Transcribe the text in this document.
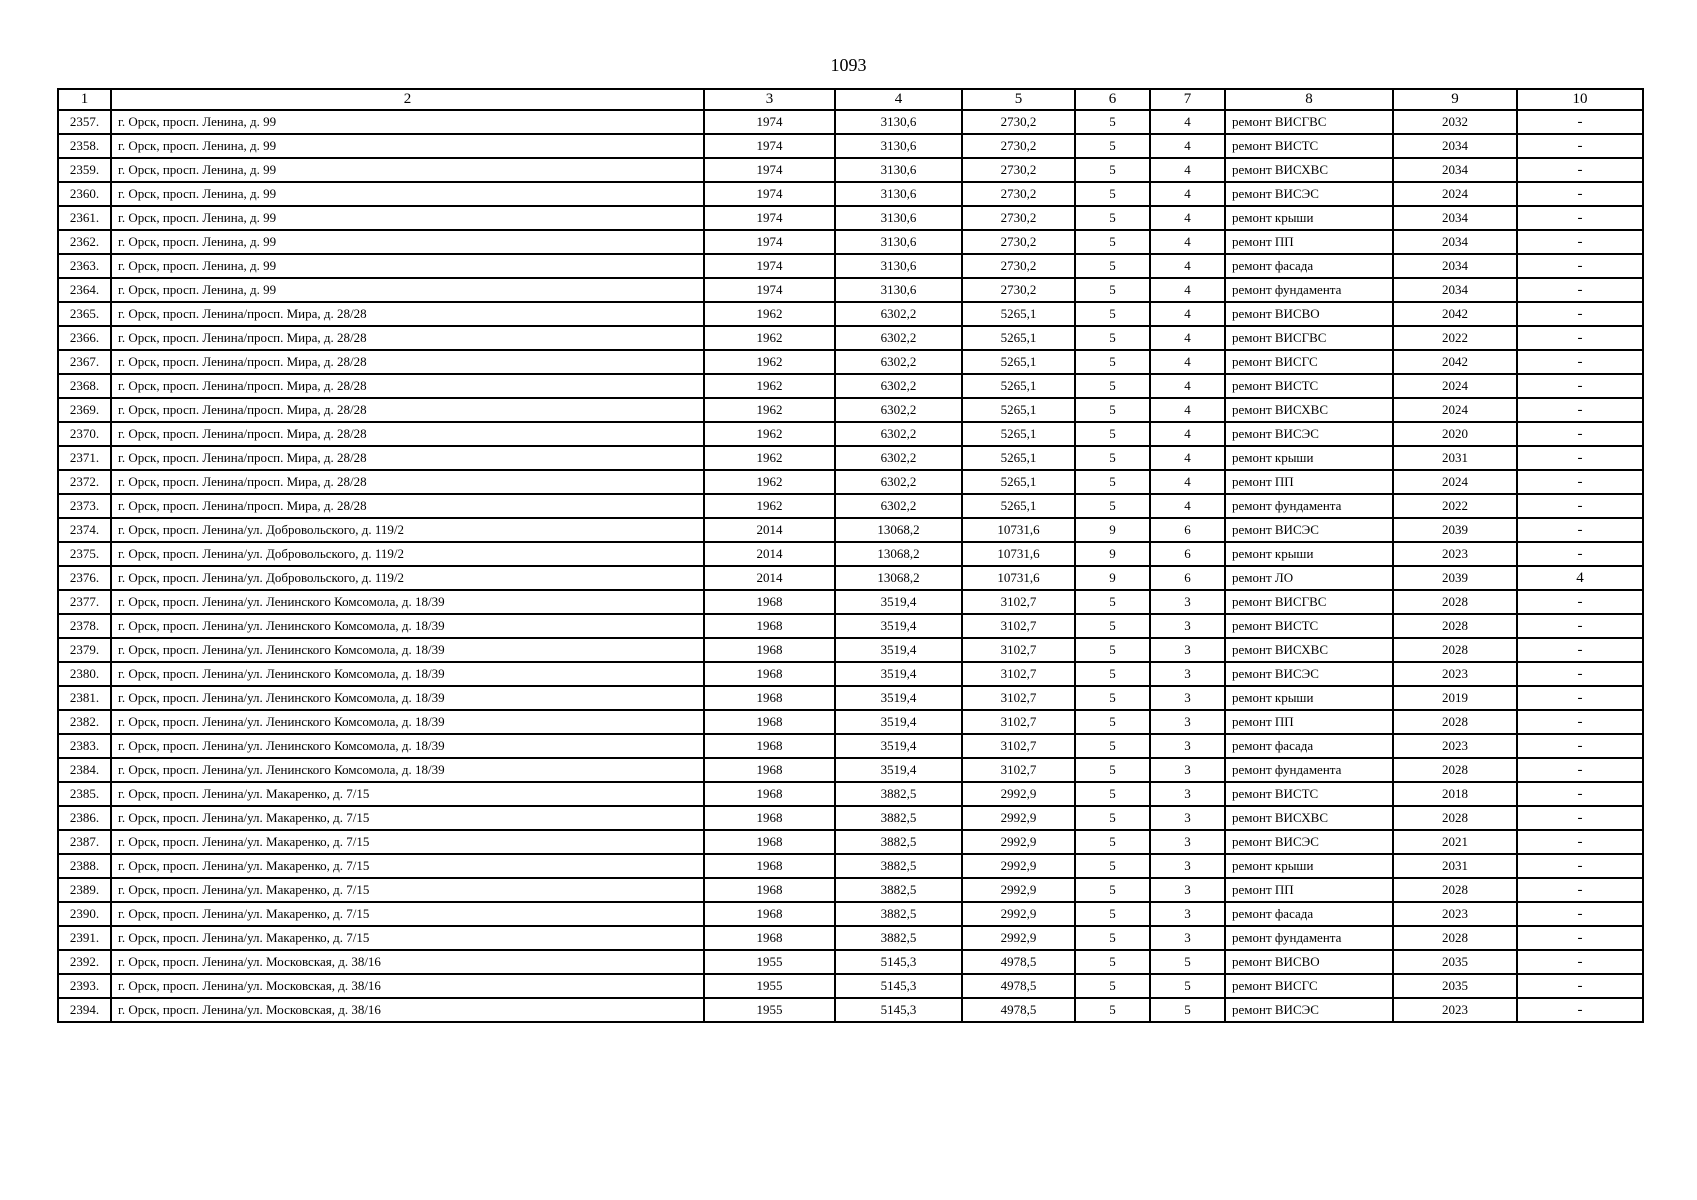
1093
1	2	3	4	5	6	7	8	9	10
2357.	г. Орск, просп. Ленина, д. 99	1974	3130,6	2730,2	5	4	ремонт ВИСГВС	2032	-
2358.	г. Орск, просп. Ленина, д. 99	1974	3130,6	2730,2	5	4	ремонт ВИСТС	2034	-
2359.	г. Орск, просп. Ленина, д. 99	1974	3130,6	2730,2	5	4	ремонт ВИСХВС	2034	-
2360.	г. Орск, просп. Ленина, д. 99	1974	3130,6	2730,2	5	4	ремонт ВИСЭС	2024	-
2361.	г. Орск, просп. Ленина, д. 99	1974	3130,6	2730,2	5	4	ремонт крыши	2034	-
2362.	г. Орск, просп. Ленина, д. 99	1974	3130,6	2730,2	5	4	ремонт ПП	2034	-
2363.	г. Орск, просп. Ленина, д. 99	1974	3130,6	2730,2	5	4	ремонт фасада	2034	-
2364.	г. Орск, просп. Ленина, д. 99	1974	3130,6	2730,2	5	4	ремонт фундамента	2034	-
2365.	г. Орск, просп. Ленина/просп. Мира, д. 28/28	1962	6302,2	5265,1	5	4	ремонт ВИСВО	2042	-
2366.	г. Орск, просп. Ленина/просп. Мира, д. 28/28	1962	6302,2	5265,1	5	4	ремонт ВИСГВС	2022	-
2367.	г. Орск, просп. Ленина/просп. Мира, д. 28/28	1962	6302,2	5265,1	5	4	ремонт ВИСГС	2042	-
2368.	г. Орск, просп. Ленина/просп. Мира, д. 28/28	1962	6302,2	5265,1	5	4	ремонт ВИСТС	2024	-
2369.	г. Орск, просп. Ленина/просп. Мира, д. 28/28	1962	6302,2	5265,1	5	4	ремонт ВИСХВС	2024	-
2370.	г. Орск, просп. Ленина/просп. Мира, д. 28/28	1962	6302,2	5265,1	5	4	ремонт ВИСЭС	2020	-
2371.	г. Орск, просп. Ленина/просп. Мира, д. 28/28	1962	6302,2	5265,1	5	4	ремонт крыши	2031	-
2372.	г. Орск, просп. Ленина/просп. Мира, д. 28/28	1962	6302,2	5265,1	5	4	ремонт ПП	2024	-
2373.	г. Орск, просп. Ленина/просп. Мира, д. 28/28	1962	6302,2	5265,1	5	4	ремонт фундамента	2022	-
2374.	г. Орск, просп. Ленина/ул. Добровольского, д. 119/2	2014	13068,2	10731,6	9	6	ремонт ВИСЭС	2039	-
2375.	г. Орск, просп. Ленина/ул. Добровольского, д. 119/2	2014	13068,2	10731,6	9	6	ремонт крыши	2023	-
2376.	г. Орск, просп. Ленина/ул. Добровольского, д. 119/2	2014	13068,2	10731,6	9	6	ремонт ЛО	2039	4
2377.	г. Орск, просп. Ленина/ул. Ленинского Комсомола, д. 18/39	1968	3519,4	3102,7	5	3	ремонт ВИСГВС	2028	-
2378.	г. Орск, просп. Ленина/ул. Ленинского Комсомола, д. 18/39	1968	3519,4	3102,7	5	3	ремонт ВИСТС	2028	-
2379.	г. Орск, просп. Ленина/ул. Ленинского Комсомола, д. 18/39	1968	3519,4	3102,7	5	3	ремонт ВИСХВС	2028	-
2380.	г. Орск, просп. Ленина/ул. Ленинского Комсомола, д. 18/39	1968	3519,4	3102,7	5	3	ремонт ВИСЭС	2023	-
2381.	г. Орск, просп. Ленина/ул. Ленинского Комсомола, д. 18/39	1968	3519,4	3102,7	5	3	ремонт крыши	2019	-
2382.	г. Орск, просп. Ленина/ул. Ленинского Комсомола, д. 18/39	1968	3519,4	3102,7	5	3	ремонт ПП	2028	-
2383.	г. Орск, просп. Ленина/ул. Ленинского Комсомола, д. 18/39	1968	3519,4	3102,7	5	3	ремонт фасада	2023	-
2384.	г. Орск, просп. Ленина/ул. Ленинского Комсомола, д. 18/39	1968	3519,4	3102,7	5	3	ремонт фундамента	2028	-
2385.	г. Орск, просп. Ленина/ул. Макаренко, д. 7/15	1968	3882,5	2992,9	5	3	ремонт ВИСТС	2018	-
2386.	г. Орск, просп. Ленина/ул. Макаренко, д. 7/15	1968	3882,5	2992,9	5	3	ремонт ВИСХВС	2028	-
2387.	г. Орск, просп. Ленина/ул. Макаренко, д. 7/15	1968	3882,5	2992,9	5	3	ремонт ВИСЭС	2021	-
2388.	г. Орск, просп. Ленина/ул. Макаренко, д. 7/15	1968	3882,5	2992,9	5	3	ремонт крыши	2031	-
2389.	г. Орск, просп. Ленина/ул. Макаренко, д. 7/15	1968	3882,5	2992,9	5	3	ремонт ПП	2028	-
2390.	г. Орск, просп. Ленина/ул. Макаренко, д. 7/15	1968	3882,5	2992,9	5	3	ремонт фасада	2023	-
2391.	г. Орск, просп. Ленина/ул. Макаренко, д. 7/15	1968	3882,5	2992,9	5	3	ремонт фундамента	2028	-
2392.	г. Орск, просп. Ленина/ул. Московская, д. 38/16	1955	5145,3	4978,5	5	5	ремонт ВИСВО	2035	-
2393.	г. Орск, просп. Ленина/ул. Московская, д. 38/16	1955	5145,3	4978,5	5	5	ремонт ВИСГС	2035	-
2394.	г. Орск, просп. Ленина/ул. Московская, д. 38/16	1955	5145,3	4978,5	5	5	ремонт ВИСЭС	2023	-
